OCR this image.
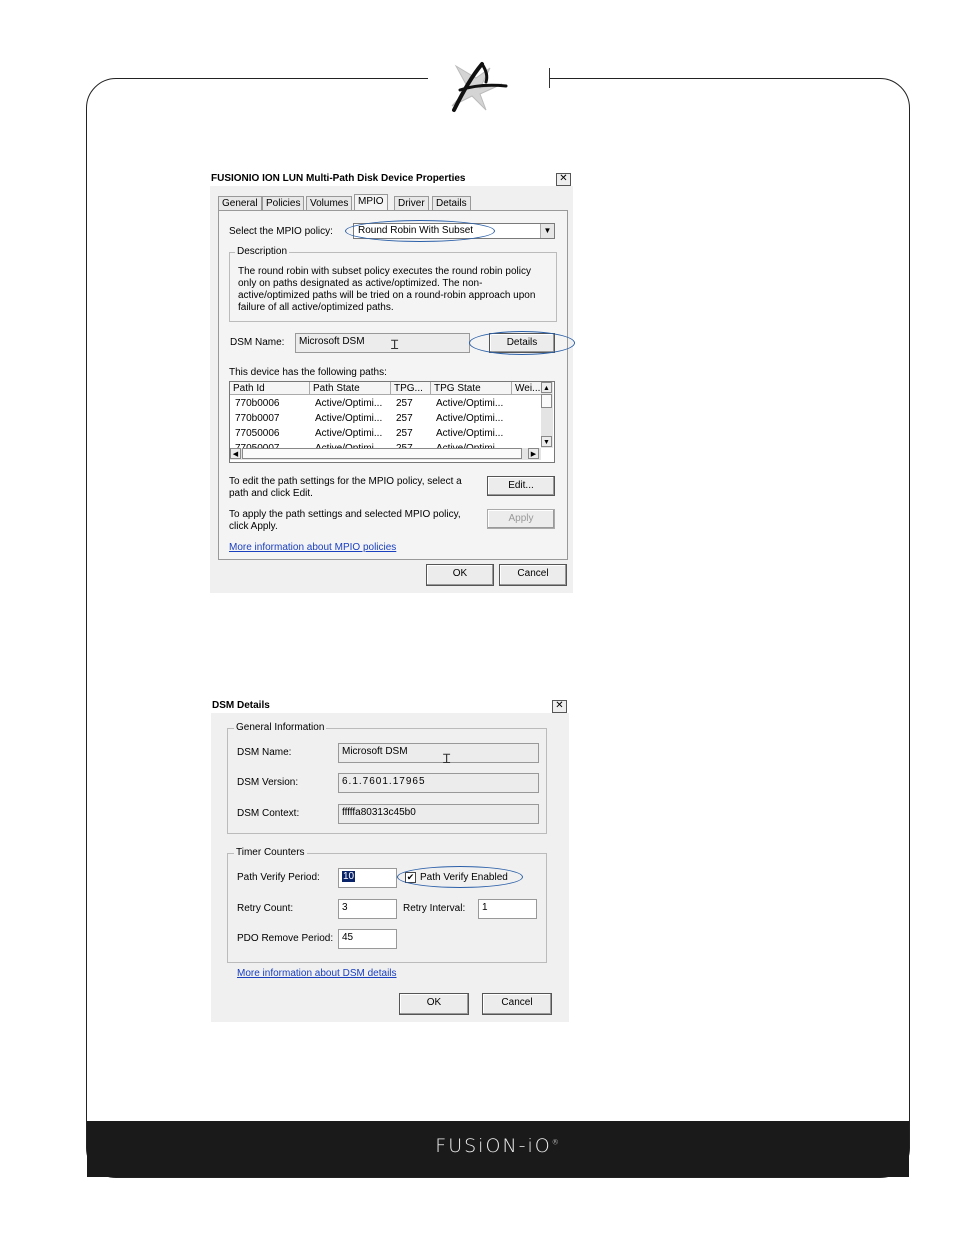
FUSiON-iO®
FUSIONIO ION LUN Multi-Path Disk Device Properties	✕
General Policies Volumes MPIO	Driver	Details
Select the MPIO policy:	Round Robin With Subset	▼
Description
The round robin with subset policy executes the round robin policy only on paths designated as active/optimized. The non-active/optimized paths will be tried on a round-robin approach upon failure of all active/optimized paths.
DSM Name:	Microsoft DSM	Ɪ	Details
This device has the following paths:
Path Id	Path State	TPG...	TPG State	Wei...
770b0006	Active/Optimi...	257	Active/Optimi...
770b0007	Active/Optimi...	257	Active/Optimi...
77050006	Active/Optimi...	257	Active/Optimi...
▲
▼
◀	▶
To edit the path settings for the MPIO policy, select a path and click Edit.
Edit...
To apply the path settings and selected MPIO policy, click Apply.
Apply
More information about MPIO policies
OK	Cancel
DSM Details	✕
General Information
DSM Name:	Microsoft DSM	Ɪ
DSM Version:	6.1.7601.17965
DSM Context:	fffffa80313c45b0
Timer Counters
Path Verify Period:	10	✔ Path Verify Enabled
Retry Count:	3	Retry Interval:	1
PDO Remove Period: 45
More information about DSM details
OK	Cancel
